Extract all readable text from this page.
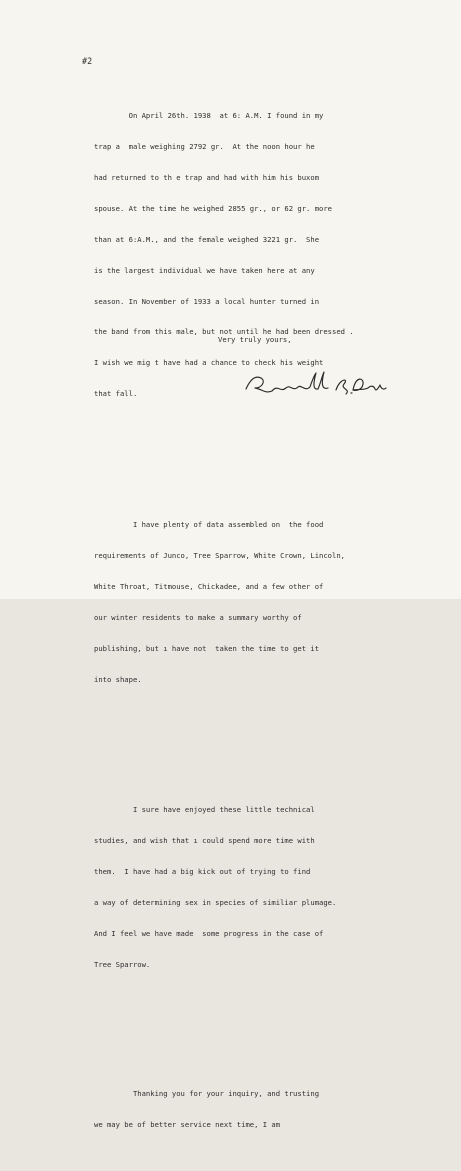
#2

On April 26th. 1938  at 6: A.M. I found in my

trap a  male weighing 2792 gr.  At the noon hour he

had returned to th e trap and had with him his buxom

spouse. At the time he weighed 2855 gr., or 62 gr. more

than at 6:A.M., and the female weighed 3221 gr.  She

is the largest individual we have taken here at any

season. In November of 1933 a local hunter turned in

the band from this male, but not until he had been dressed .

I wish we mig t have had a chance to check his weight

that fall.

I have plenty of data assembled on  the food

requirements of Junco, Tree Sparrow, White Crown, Lincoln,

White Throat, Titmouse, Chickadee, and a few other of

our winter residents to make a summary worthy of

publishing, but ı have not  taken the time to get it

into shape.

I sure have enjoyed these little technical

studies, and wish that ı could spend more time with

them.  I have had a big kick out of trying to find

a way of determining sex in species of similiar plumage.

And I feel we have made  some progress in the case of

Tree Sparrow.

Thanking you for your inquiry, and trusting

we may be of better service next time, I am

Very truly yours,
